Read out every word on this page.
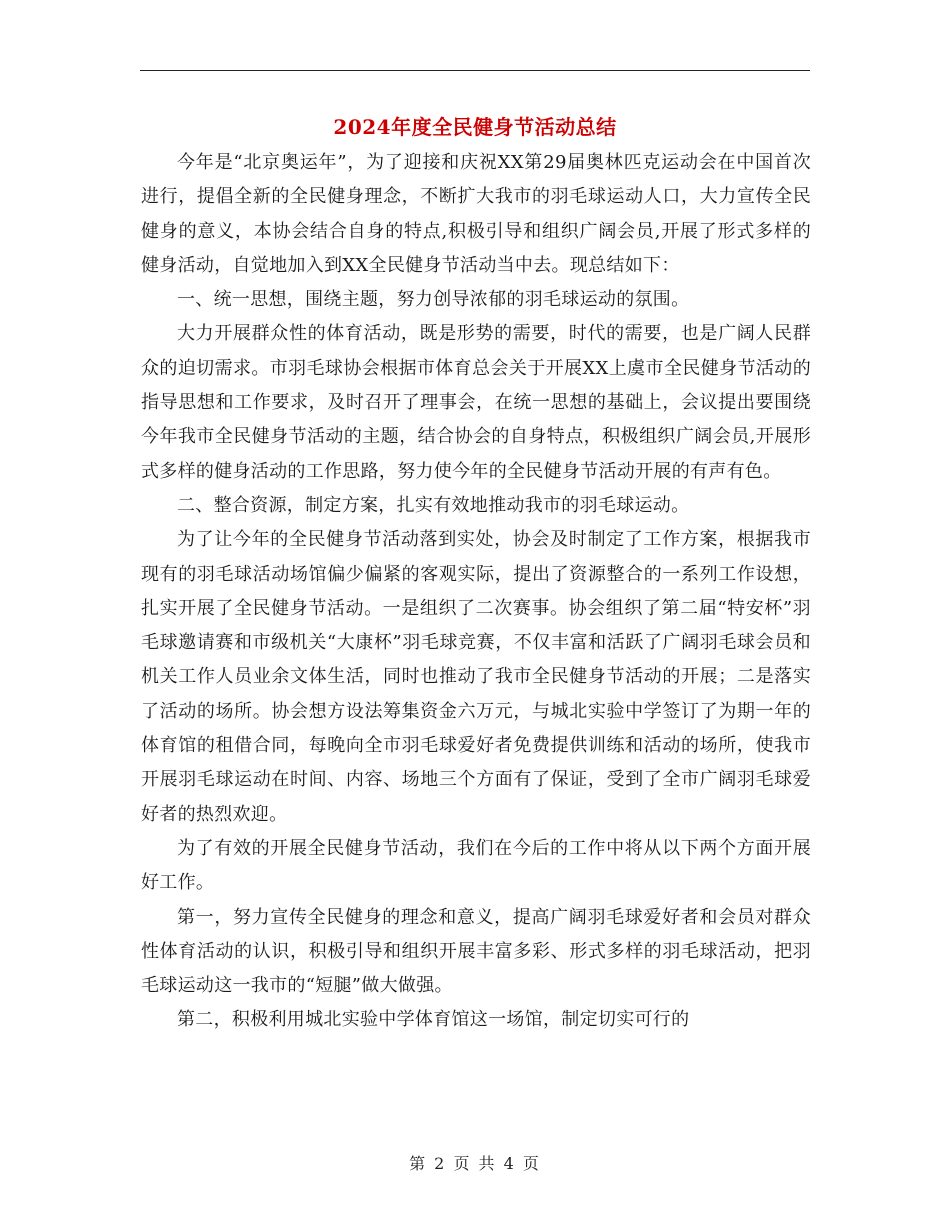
2024年度全民健身节活动总结

今年是“北京奥运年”，为了迎接和庆祝XX第29届奥林匹克运动会在中国首次进行，提倡全新的全民健身理念，不断扩大我市的羽毛球运动人口，大力宣传全民健身的意义，本协会结合自身的特点,积极引导和组织广阔会员,开展了形式多样的健身活动，自觉地加入到XX全民健身节活动当中去。现总结如下：

一、统一思想，围绕主题，努力创导浓郁的羽毛球运动的氛围。

大力开展群众性的体育活动，既是形势的需要，时代的需要，也是广阔人民群众的迫切需求。市羽毛球协会根据市体育总会关于开展XX上虞市全民健身节活动的指导思想和工作要求，及时召开了理事会，在统一思想的基础上，会议提出要围绕今年我市全民健身节活动的主题，结合协会的自身特点，积极组织广阔会员,开展形式多样的健身活动的工作思路，努力使今年的全民健身节活动开展的有声有色。

二、整合资源，制定方案，扎实有效地推动我市的羽毛球运动。

为了让今年的全民健身节活动落到实处，协会及时制定了工作方案，根据我市现有的羽毛球活动场馆偏少偏紧的客观实际，提出了资源整合的一系列工作设想，扎实开展了全民健身节活动。一是组织了二次赛事。协会组织了第二届“特安杯”羽毛球邀请赛和市级机关“大康杯”羽毛球竞赛，不仅丰富和活跃了广阔羽毛球会员和机关工作人员业余文体生活，同时也推动了我市全民健身节活动的开展；二是落实了活动的场所。协会想方设法筹集资金六万元，与城北实验中学签订了为期一年的体育馆的租借合同，每晚向全市羽毛球爱好者免费提供训练和活动的场所，使我市开展羽毛球运动在时间、内容、场地三个方面有了保证，受到了全市广阔羽毛球爱好者的热烈欢迎。

为了有效的开展全民健身节活动，我们在今后的工作中将从以下两个方面开展好工作。

第一，努力宣传全民健身的理念和意义，提高广阔羽毛球爱好者和会员对群众性体育活动的认识，积极引导和组织开展丰富多彩、形式多样的羽毛球活动，把羽毛球运动这一我市的“短腿”做大做强。

第二，积极利用城北实验中学体育馆这一场馆，制定切实可行的

第 2 页 共 4 页
